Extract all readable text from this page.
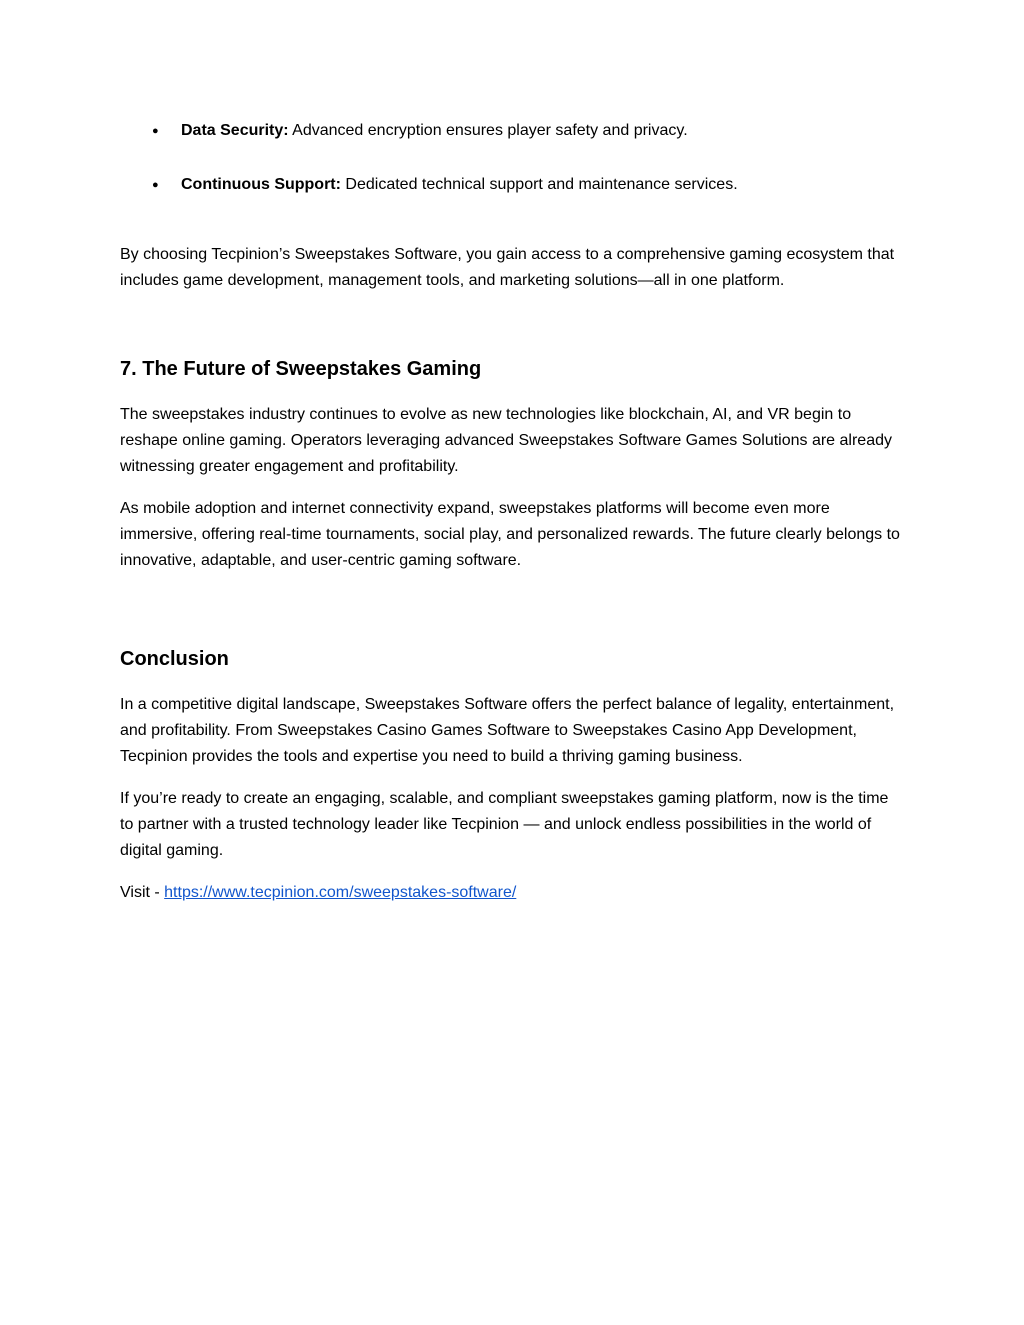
● Data Security: Advanced encryption ensures player safety and privacy.
● Continuous Support: Dedicated technical support and maintenance services.

By choosing Tecpinion’s Sweepstakes Software, you gain access to a comprehensive gaming ecosystem that includes game development, management tools, and marketing solutions—all in one platform.

7. The Future of Sweepstakes Gaming

The sweepstakes industry continues to evolve as new technologies like blockchain, AI, and VR begin to reshape online gaming. Operators leveraging advanced Sweepstakes Software Games Solutions are already witnessing greater engagement and profitability.

As mobile adoption and internet connectivity expand, sweepstakes platforms will become even more immersive, offering real-time tournaments, social play, and personalized rewards. The future clearly belongs to innovative, adaptable, and user-centric gaming software.

Conclusion

In a competitive digital landscape, Sweepstakes Software offers the perfect balance of legality, entertainment, and profitability. From Sweepstakes Casino Games Software to Sweepstakes Casino App Development, Tecpinion provides the tools and expertise you need to build a thriving gaming business.

If you’re ready to create an engaging, scalable, and compliant sweepstakes gaming platform, now is the time to partner with a trusted technology leader like Tecpinion — and unlock endless possibilities in the world of digital gaming.

Visit - https://www.tecpinion.com/sweepstakes-software/
